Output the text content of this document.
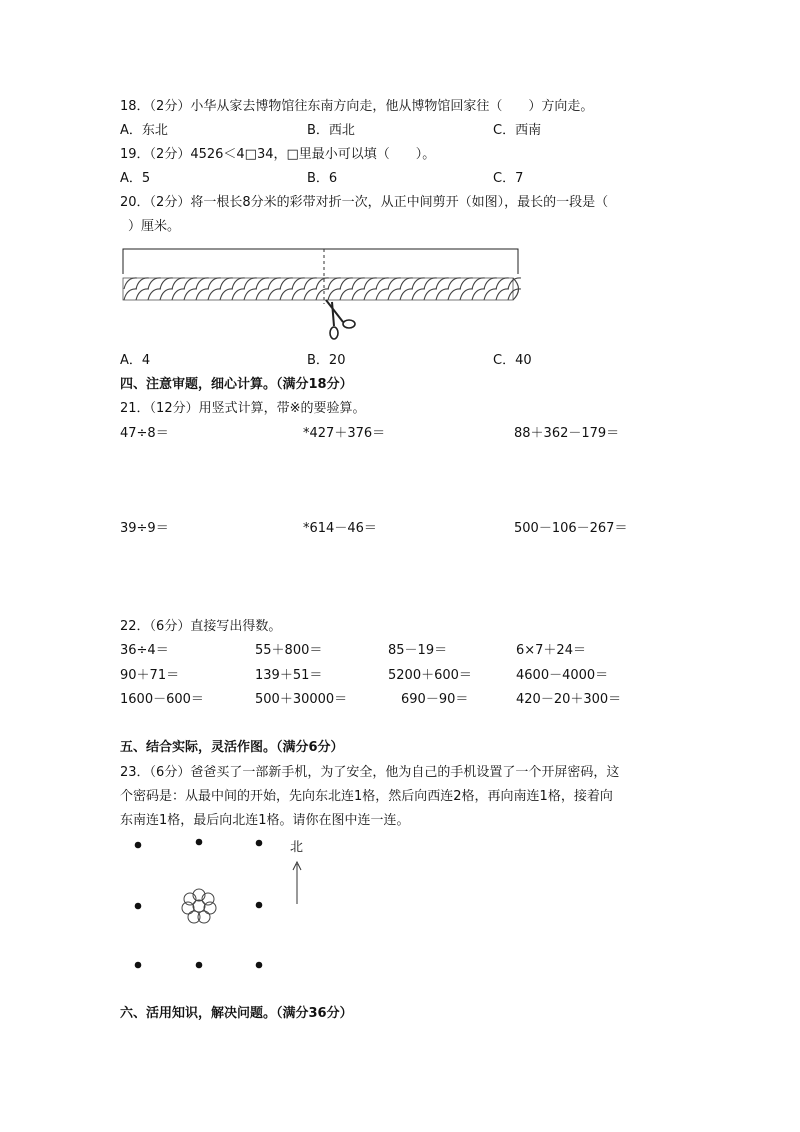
18．（2分）小华从家去博物馆往东南方向走，他从博物馆回家往（　　）方向走。
A．东北	B．西北	C．西南
19．（2分）4526＜4□34，□里最小可以填（　　）。
A．5	B．6	C．7
20．（2分）将一根长8分米的彩带对折一次，从正中间剪开（如图），最长的一段是（
）厘米。
A．4	B．20	C．40
四、注意审题，细心计算。（满分18分）
21．（12分）用竖式计算，带※的要验算。
47÷8＝	*427＋376＝	88＋362－179＝
39÷9＝	*614－46＝	500－106－267＝
22．（6分）直接写出得数。
36÷4＝	55＋800＝	85－19＝	6×7＋24＝
90＋71＝	139＋51＝	5200＋600＝	4600－4000＝
1600－600＝	500＋30000＝	690－90＝	420－20＋300＝
五、结合实际，灵活作图。（满分6分）
23．（6分）爸爸买了一部新手机，为了安全，他为自己的手机设置了一个开屏密码，这
个密码是：从最中间的开始，先向东北连1格，然后向西连2格，再向南连1格，接着向
东南连1格，最后向北连1格。请你在图中连一连。
北
六、活用知识，解决问题。（满分36分）
